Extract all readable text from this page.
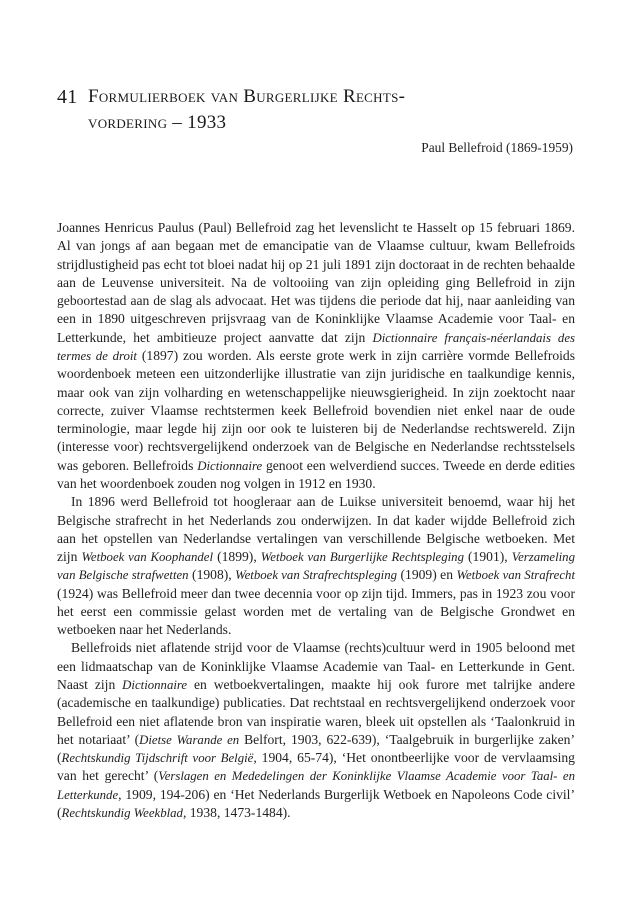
41 Formulierboek van Burgerlijke Rechts-
vordering – 1933
Paul Bellefroid (1869-1959)

Joannes Henricus Paulus (Paul) Bellefroid zag het levenslicht te Hasselt op 15 februari 1869. Al van jongs af aan begaan met de emancipatie van de Vlaamse cultuur, kwam Bellefroids strijdlustigheid pas echt tot bloei nadat hij op 21 juli 1891 zijn doctoraat in de rechten behaalde aan de Leuvense universiteit. Na de voltooiing van zijn opleiding ging Bellefroid in zijn geboortestad aan de slag als advocaat. Het was tijdens die periode dat hij, naar aanleiding van een in 1890 uitgeschreven prijsvraag van de Koninklijke Vlaamse Academie voor Taal- en Letterkunde, het ambitieuze project aanvatte dat zijn Dictionnaire français-néerlandais des termes de droit (1897) zou worden. Als eerste grote werk in zijn carrière vormde Bellefroids woordenboek meteen een uitzonderlijke illustratie van zijn juridische en taalkundige kennis, maar ook van zijn volharding en wetenschappelijke nieuwsgierigheid. In zijn zoektocht naar correcte, zuiver Vlaamse rechtstermen keek Bellefroid bovendien niet enkel naar de oude terminologie, maar legde hij zijn oor ook te luisteren bij de Nederlandse rechtswereld. Zijn (interesse voor) rechtsvergelijkend onderzoek van de Belgische en Nederlandse rechtsstelsels was geboren. Bellefroids Dictionnaire genoot een welverdiend succes. Tweede en derde edities van het woordenboek zouden nog volgen in 1912 en 1930.

In 1896 werd Bellefroid tot hoogleraar aan de Luikse universiteit benoemd, waar hij het Belgische strafrecht in het Nederlands zou onderwijzen. In dat kader wijdde Bellefroid zich aan het opstellen van Nederlandse vertalingen van verschillende Belgische wetboeken. Met zijn Wetboek van Koophandel (1899), Wetboek van Burgerlijke Rechtspleging (1901), Verzameling van Belgische strafwetten (1908), Wetboek van Strafrechtspleging (1909) en Wetboek van Strafrecht (1924) was Bellefroid meer dan twee decennia voor op zijn tijd. Immers, pas in 1923 zou voor het eerst een commissie gelast worden met de vertaling van de Belgische Grondwet en wetboeken naar het Nederlands.

Bellefroids niet aflatende strijd voor de Vlaamse (rechts)cultuur werd in 1905 beloond met een lidmaatschap van de Koninklijke Vlaamse Academie van Taal- en Letterkunde in Gent. Naast zijn Dictionnaire en wetboekvertalingen, maakte hij ook furore met talrijke andere (academische en taalkundige) publicaties. Dat rechtstaal en rechtsvergelijkend onderzoek voor Bellefroid een niet aflatende bron van inspiratie waren, bleek uit opstellen als ‘Taalonkruid in het notariaat’ (Dietse Warande en Belfort, 1903, 622-639), ‘Taalgebruik in burgerlijke zaken’ (Rechtskundig Tijdschrift voor België, 1904, 65-74), ‘Het onontbeerlijke voor de vervlaamsing van het gerecht’ (Verslagen en Mededelingen der Koninklijke Vlaamse Academie voor Taal- en Letterkunde, 1909, 194-206) en ‘Het Nederlands Burgerlijk Wetboek en Napoleons Code civil’ (Rechtskundig Weekblad, 1938, 1473-1484).
